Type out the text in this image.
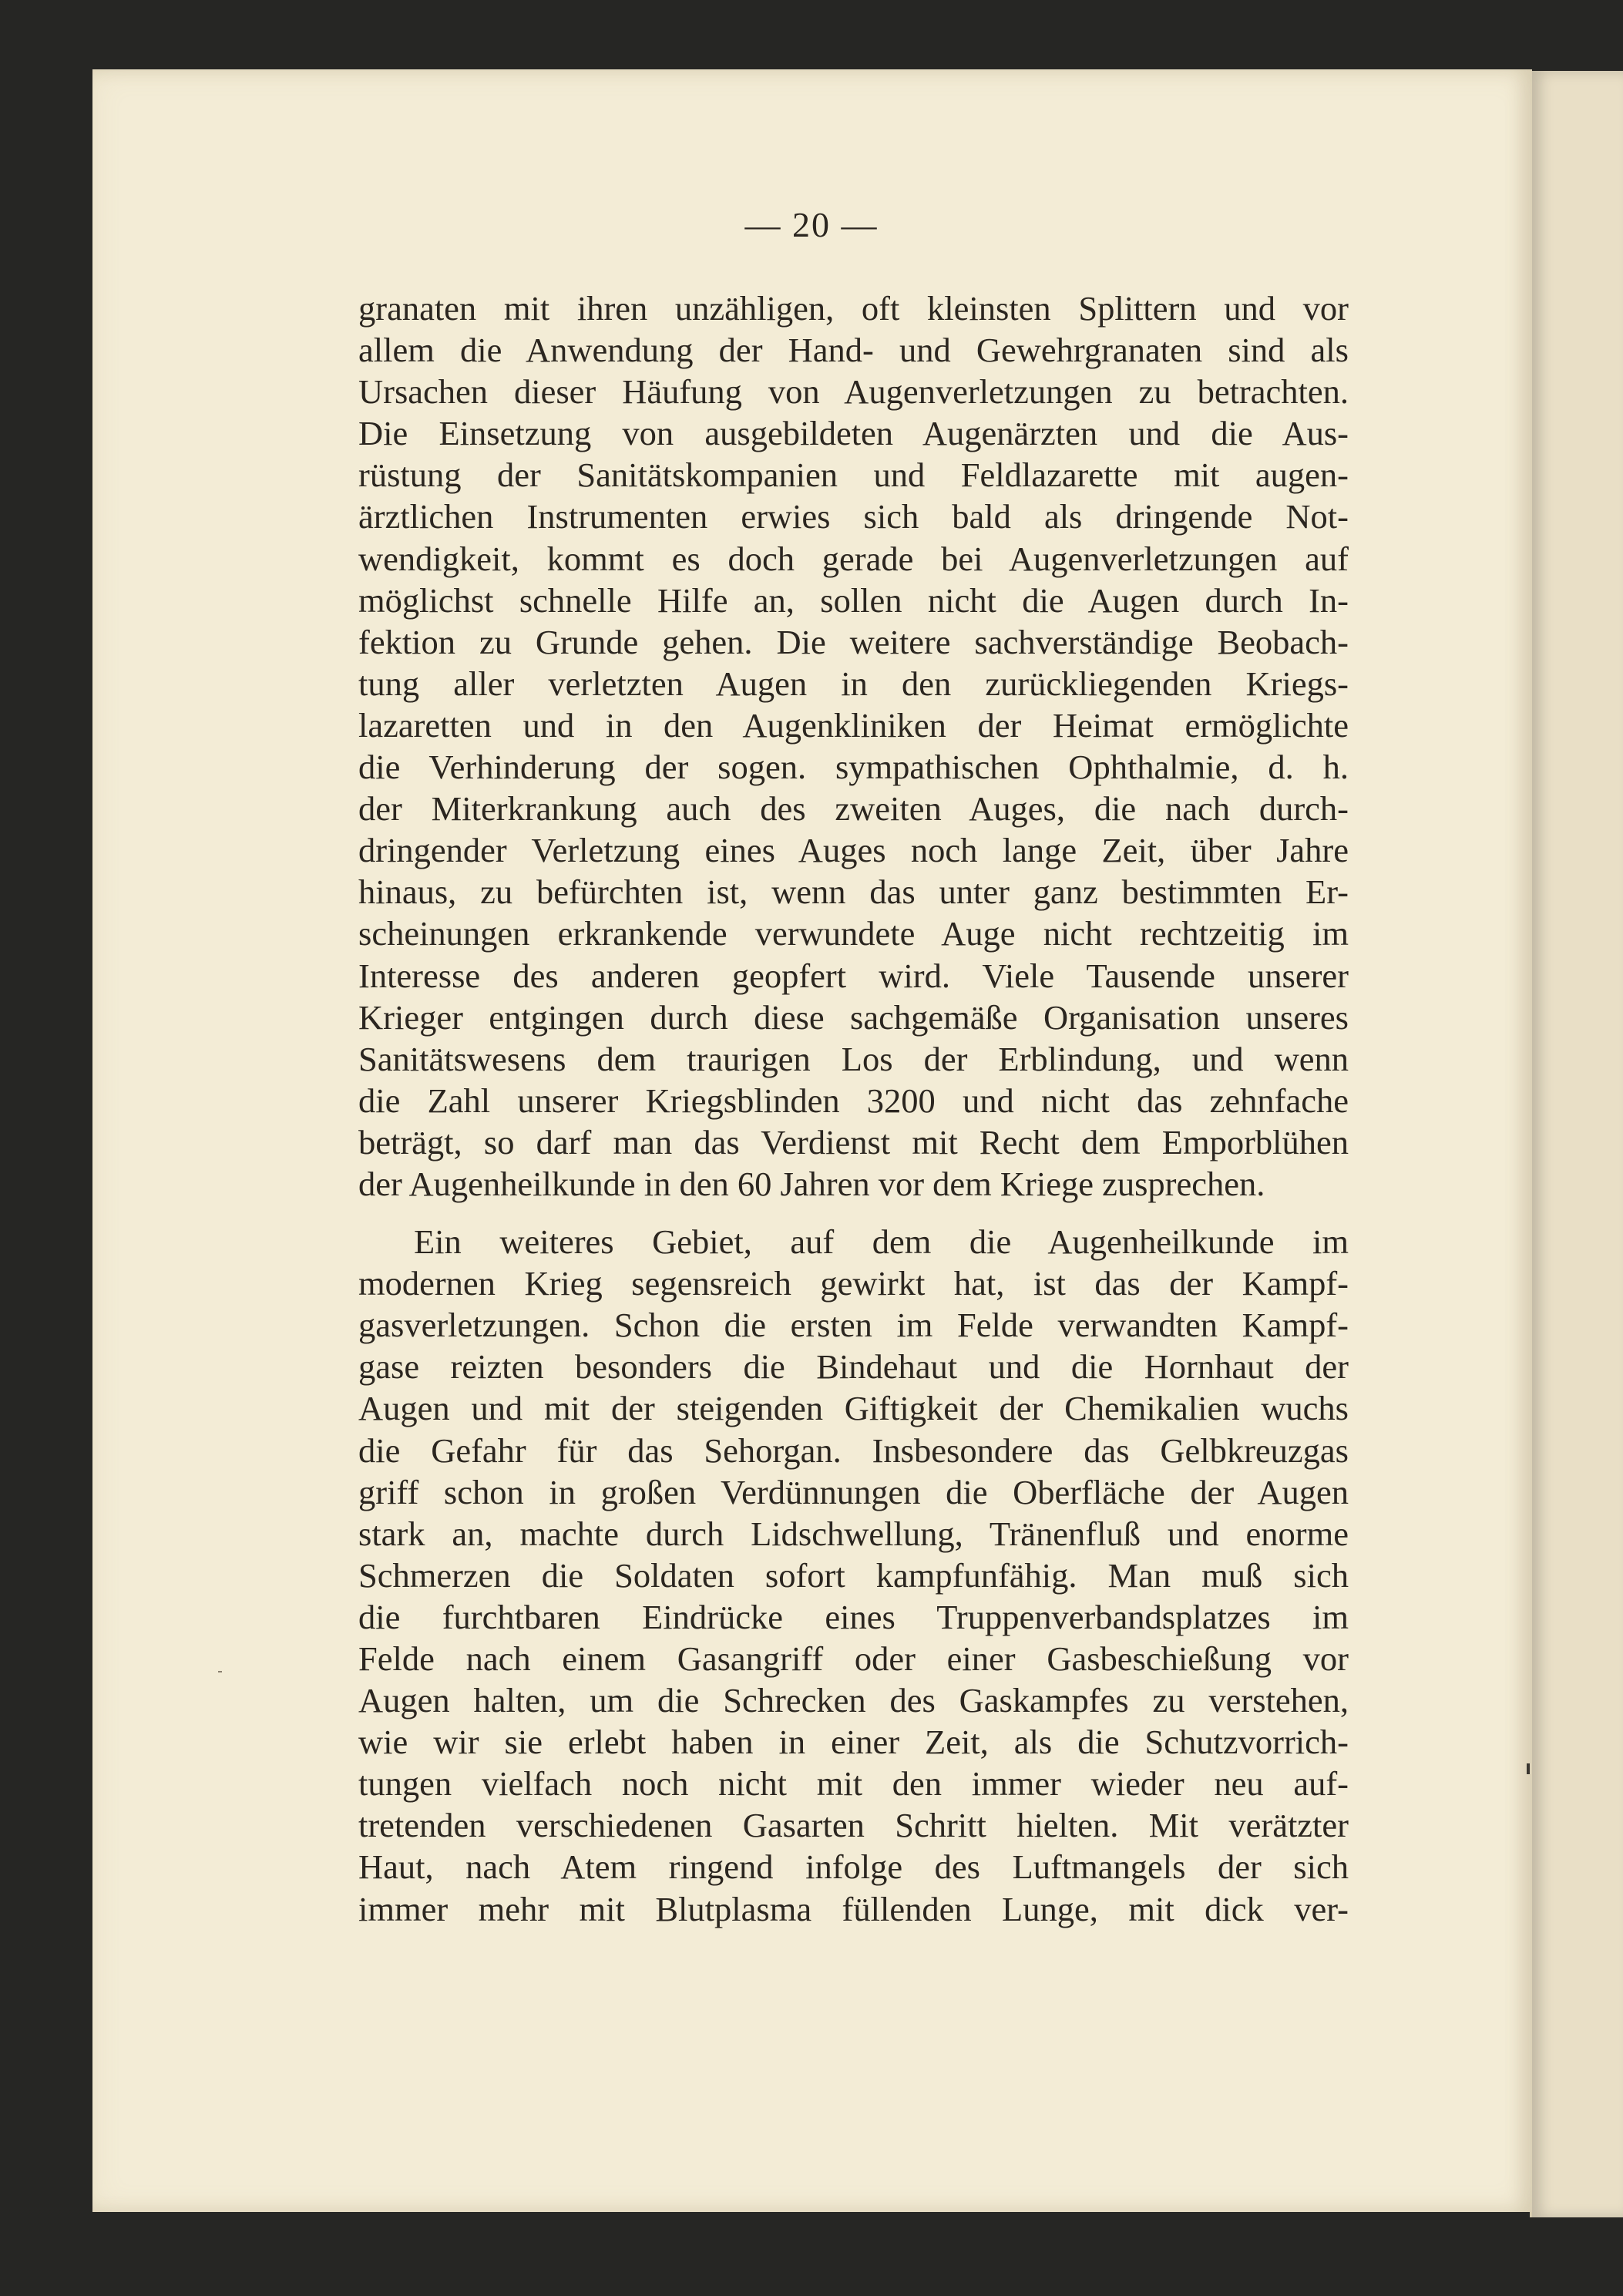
— 20 —
granaten mit ihren unzähligen, oft kleinsten Splittern und vor
allem die Anwendung der Hand- und Gewehrgranaten sind als
Ursachen dieser Häufung von Augenverletzungen zu betrachten.
Die Einsetzung von ausgebildeten Augenärzten und die Aus-
rüstung der Sanitätskompanien und Feldlazarette mit augen-
ärztlichen Instrumenten erwies sich bald als dringende Not-
wendigkeit, kommt es doch gerade bei Augenverletzungen auf
möglichst schnelle Hilfe an, sollen nicht die Augen durch In-
fektion zu Grunde gehen. Die weitere sachverständige Beobach-
tung aller verletzten Augen in den zurückliegenden Kriegs-
lazaretten und in den Augenkliniken der Heimat ermöglichte
die Verhinderung der sogen. sympathischen Ophthalmie, d. h.
der Miterkrankung auch des zweiten Auges, die nach durch-
dringender Verletzung eines Auges noch lange Zeit, über Jahre
hinaus, zu befürchten ist, wenn das unter ganz bestimmten Er-
scheinungen erkrankende verwundete Auge nicht rechtzeitig im
Interesse des anderen geopfert wird. Viele Tausende unserer
Krieger entgingen durch diese sachgemäße Organisation unseres
Sanitätswesens dem traurigen Los der Erblindung, und wenn
die Zahl unserer Kriegsblinden 3200 und nicht das zehnfache
beträgt, so darf man das Verdienst mit Recht dem Emporblühen
der Augenheilkunde in den 60 Jahren vor dem Kriege zusprechen.
Ein weiteres Gebiet, auf dem die Augenheilkunde im
modernen Krieg segensreich gewirkt hat, ist das der Kampf-
gasverletzungen. Schon die ersten im Felde verwandten Kampf-
gase reizten besonders die Bindehaut und die Hornhaut der
Augen und mit der steigenden Giftigkeit der Chemikalien wuchs
die Gefahr für das Sehorgan. Insbesondere das Gelbkreuzgas
griff schon in großen Verdünnungen die Oberfläche der Augen
stark an, machte durch Lidschwellung, Tränenfluß und enorme
Schmerzen die Soldaten sofort kampfunfähig. Man muß sich
die furchtbaren Eindrücke eines Truppenverbandsplatzes im
Felde nach einem Gasangriff oder einer Gasbeschießung vor
Augen halten, um die Schrecken des Gaskampfes zu verstehen,
wie wir sie erlebt haben in einer Zeit, als die Schutzvorrich-
tungen vielfach noch nicht mit den immer wieder neu auf-
tretenden verschiedenen Gasarten Schritt hielten. Mit verätzter
Haut, nach Atem ringend infolge des Luftmangels der sich
immer mehr mit Blutplasma füllenden Lunge, mit dick ver-
